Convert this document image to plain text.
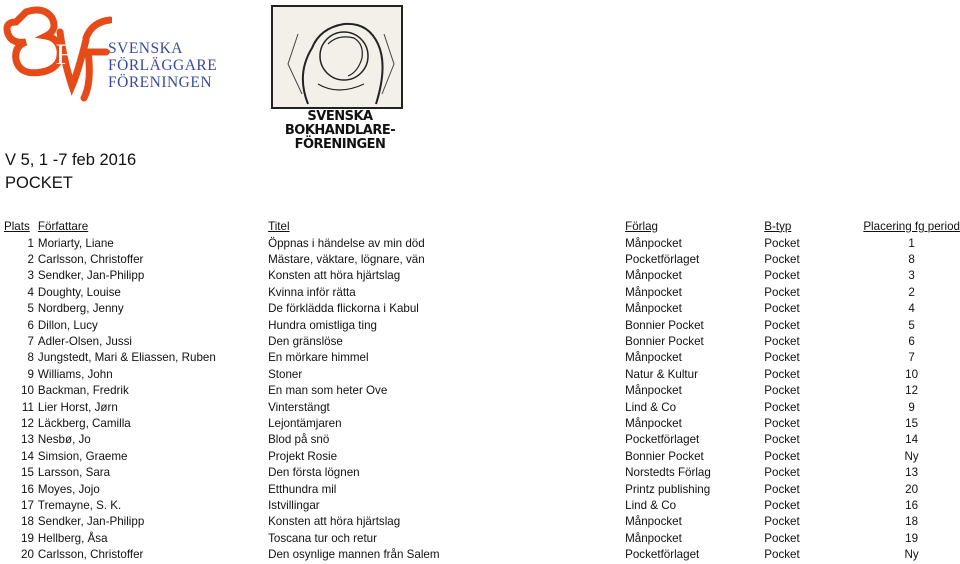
SvF SVENSKA
FÖRLÄGGARE
FÖRENINGEN
SVENSKA
BOKHANDLARE-
FÖRENINGEN
V 5, 1 -7 feb 2016
POCKET
Plats	Författare	Titel	Förlag	B-typ	Placering fg period
1	Moriarty, Liane	Öppnas i händelse av min död	Månpocket	Pocket	1
2	Carlsson, Christoffer	Mästare, väktare, lögnare, vän	Pocketförlaget	Pocket	8
3	Sendker, Jan-Philipp	Konsten att höra hjärtslag	Månpocket	Pocket	3
4	Doughty, Louise	Kvinna inför rätta	Månpocket	Pocket	2
5	Nordberg, Jenny	De förklädda flickorna i Kabul	Månpocket	Pocket	4
6	Dillon, Lucy	Hundra omistliga ting	Bonnier Pocket	Pocket	5
7	Adler-Olsen, Jussi	Den gränslöse	Bonnier Pocket	Pocket	6
8	Jungstedt, Mari & Eliassen, Ruben	En mörkare himmel	Månpocket	Pocket	7
9	Williams, John	Stoner	Natur & Kultur	Pocket	10
10	Backman, Fredrik	En man som heter Ove	Månpocket	Pocket	12
11	Lier Horst, Jørn	Vinterstängt	Lind & Co	Pocket	9
12	Läckberg, Camilla	Lejontämjaren	Månpocket	Pocket	15
13	Nesbø, Jo	Blod på snö	Pocketförlaget	Pocket	14
14	Simsion, Graeme	Projekt Rosie	Bonnier Pocket	Pocket	Ny
15	Larsson, Sara	Den första lögnen	Norstedts Förlag	Pocket	13
16	Moyes, Jojo	Etthundra mil	Printz publishing	Pocket	20
17	Tremayne, S. K.	Istvillingar	Lind & Co	Pocket	16
18	Sendker, Jan-Philipp	Konsten att höra hjärtslag	Månpocket	Pocket	18
19	Hellberg, Åsa	Toscana tur och retur	Månpocket	Pocket	19
20	Carlsson, Christoffer	Den osynlige mannen från Salem	Pocketförlaget	Pocket	Ny
